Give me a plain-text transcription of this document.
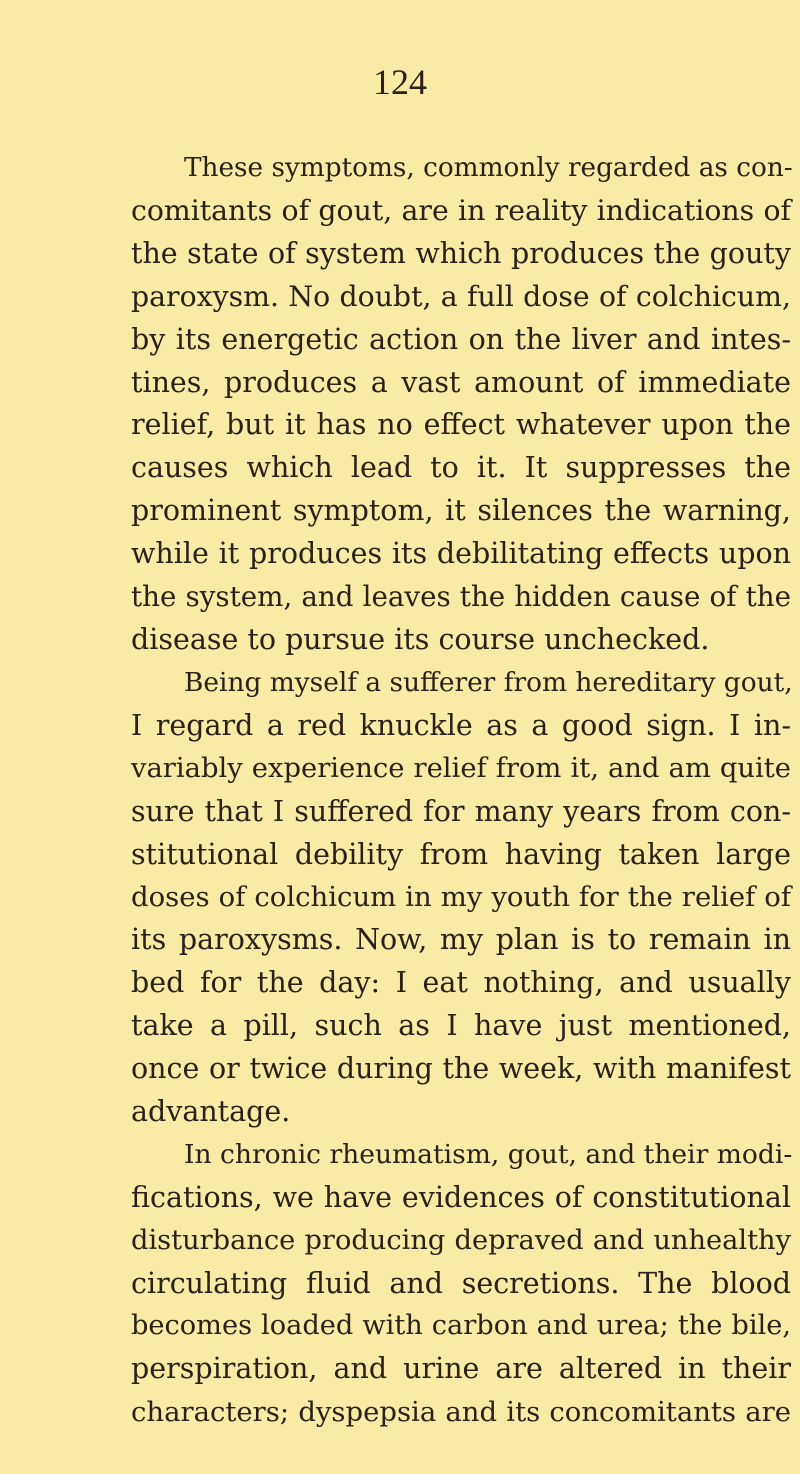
124
These symptoms, commonly regarded as con-
comitants of gout, are in reality indications of
the state of system which produces the gouty
paroxysm. No doubt, a full dose of colchicum,
by its energetic action on the liver and intes-
tines, produces a vast amount of immediate
relief, but it has no effect whatever upon the
causes which lead to it. It suppresses the
prominent symptom, it silences the warning,
while it produces its debilitating effects upon
the system, and leaves the hidden cause of the
disease to pursue its course unchecked.
Being myself a sufferer from hereditary gout,
I regard a red knuckle as a good sign. I in-
variably experience relief from it, and am quite
sure that I suffered for many years from con-
stitutional debility from having taken large
doses of colchicum in my youth for the relief of
its paroxysms. Now, my plan is to remain in
bed for the day: I eat nothing, and usually
take a pill, such as I have just mentioned,
once or twice during the week, with manifest
advantage.
In chronic rheumatism, gout, and their modi-
fications, we have evidences of constitutional
disturbance producing depraved and unhealthy
circulating fluid and secretions. The blood
becomes loaded with carbon and urea; the bile,
perspiration, and urine are altered in their
characters; dyspepsia and its concomitants are
